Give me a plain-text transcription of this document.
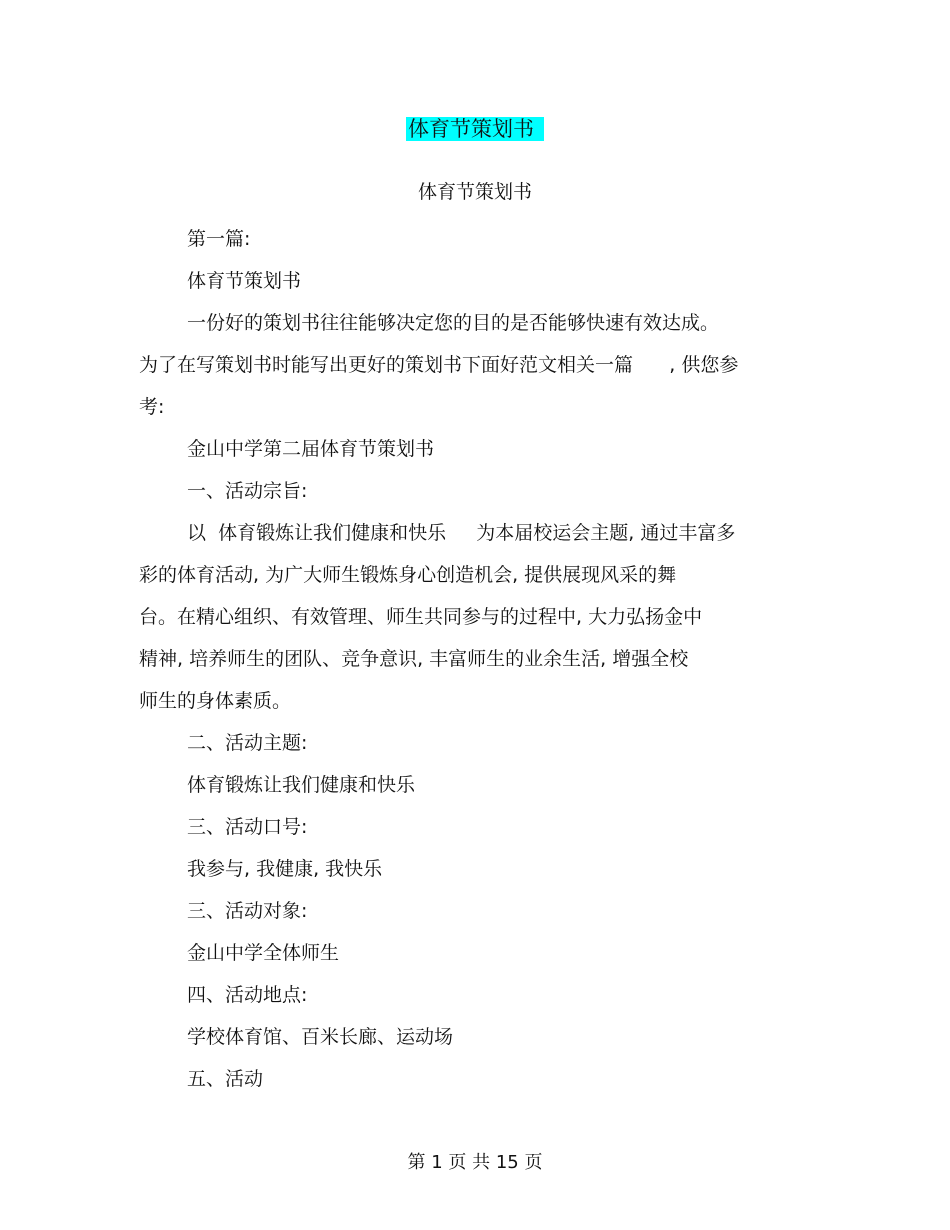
体育节策划书
体育节策划书

第一篇:

体育节策划书

一份好的策划书往往能够决定您的目的是否能够快速有效达成。

为了在写策划书时能写出更好的策划书下面好范文相关一篇      , 供您参

考:

金山中学第二届体育节策划书

一、活动宗旨:

以  体育锻炼让我们健康和快乐     为本届校运会主题, 通过丰富多

彩的体育活动, 为广大师生锻炼身心创造机会, 提供展现风采的舞

台。在精心组织、有效管理、师生共同参与的过程中, 大力弘扬金中

精神, 培养师生的团队、竞争意识, 丰富师生的业余生活, 增强全校

师生的身体素质。

二、活动主题:

体育锻炼让我们健康和快乐

三、活动口号:

我参与, 我健康, 我快乐

三、活动对象:

金山中学全体师生

四、活动地点:

学校体育馆、百米长廊、运动场

五、活动

第 1 页 共 15 页
